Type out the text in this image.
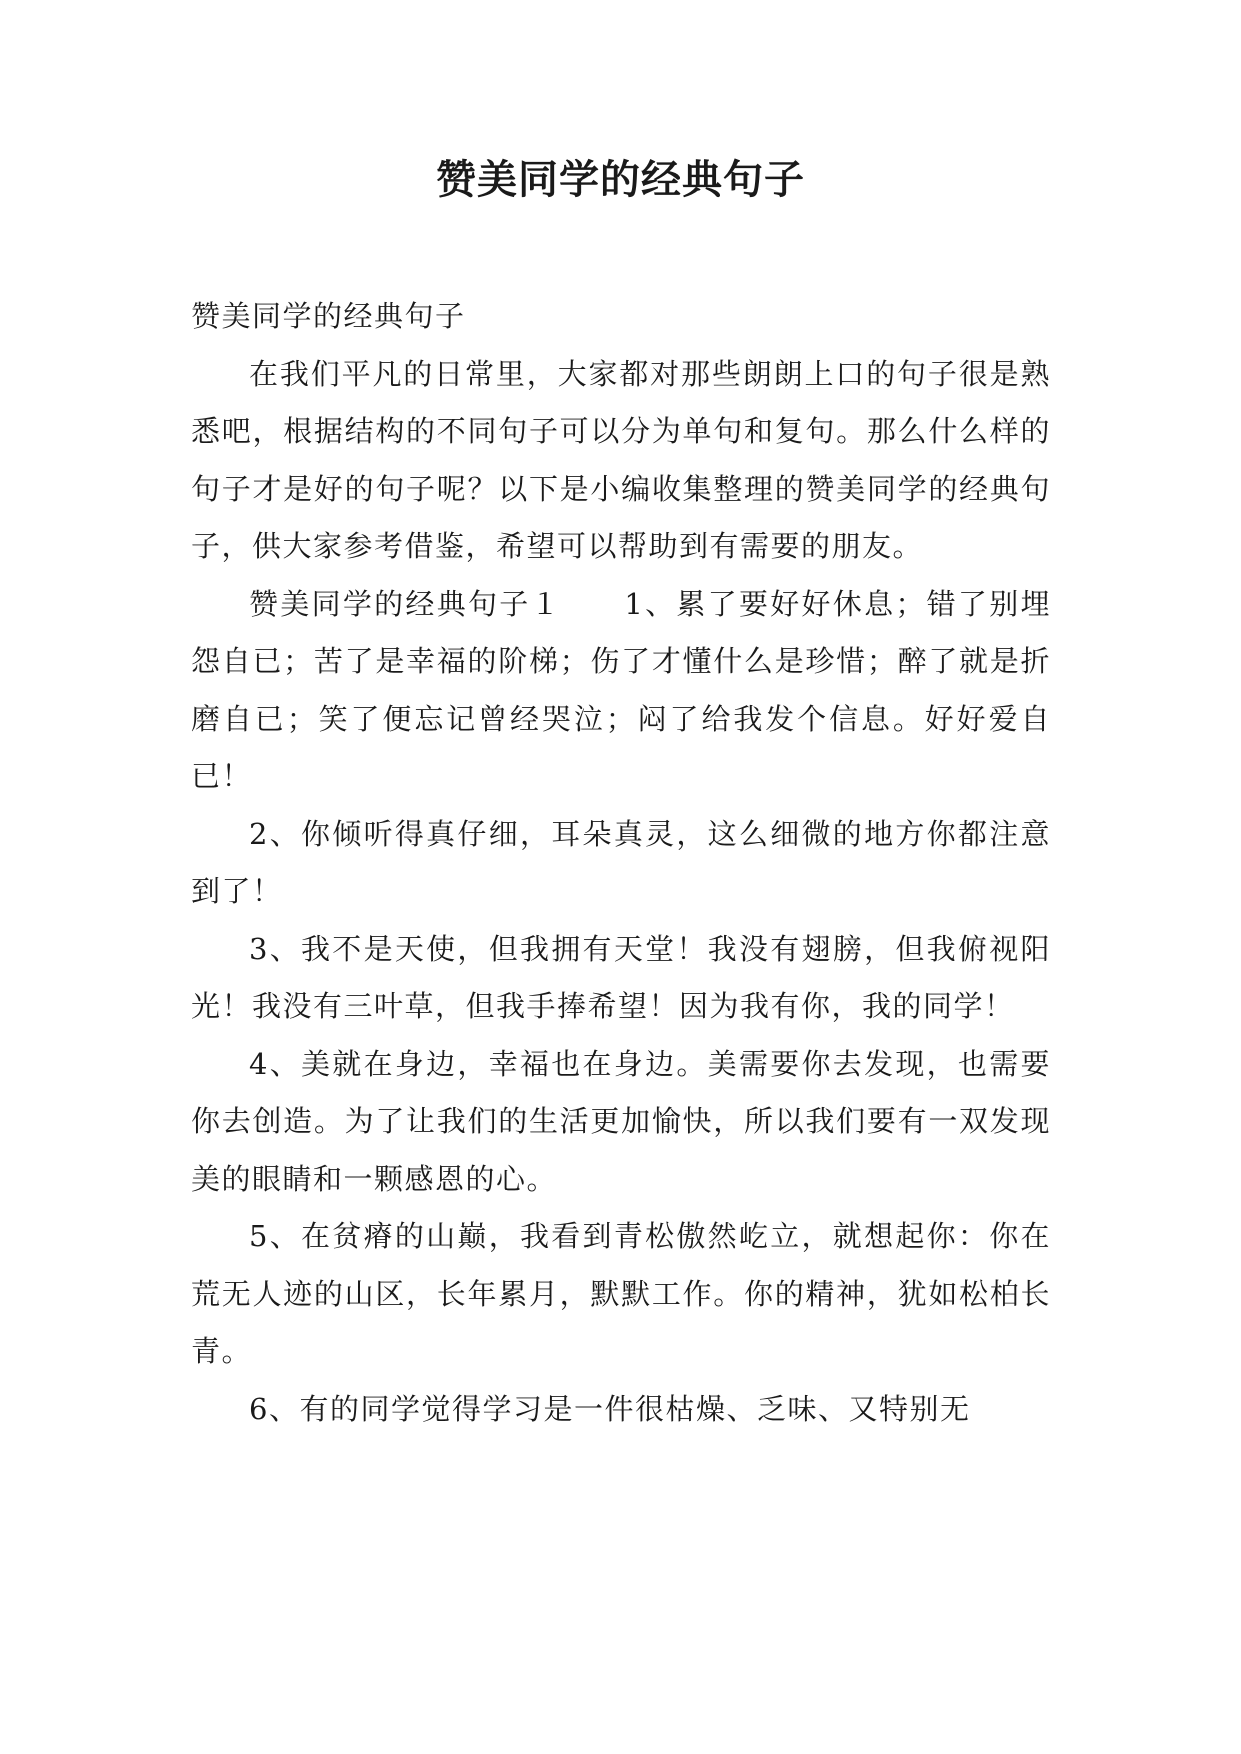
赞美同学的经典句子

赞美同学的经典句子

在我们平凡的日常里，大家都对那些朗朗上口的句子很是熟悉吧，根据结构的不同句子可以分为单句和复句。那么什么样的句子才是好的句子呢？以下是小编收集整理的赞美同学的经典句子，供大家参考借鉴，希望可以帮助到有需要的朋友。

赞美同学的经典句子１　　1、累了要好好休息；错了别埋怨自已；苦了是幸福的阶梯；伤了才懂什么是珍惜；醉了就是折磨自已；笑了便忘记曾经哭泣；闷了给我发个信息。好好爱自已！

2、你倾听得真仔细，耳朵真灵，这么细微的地方你都注意到了！

3、我不是天使，但我拥有天堂！我没有翅膀，但我俯视阳光！我没有三叶草，但我手捧希望！因为我有你，我的同学！

4、美就在身边，幸福也在身边。美需要你去发现，也需要你去创造。为了让我们的生活更加愉快，所以我们要有一双发现美的眼睛和一颗感恩的心。

5、在贫瘠的山巅，我看到青松傲然屹立，就想起你：你在荒无人迹的山区，长年累月，默默工作。你的精神，犹如松柏长青。

6、有的同学觉得学习是一件很枯燥、乏味、又特别无
